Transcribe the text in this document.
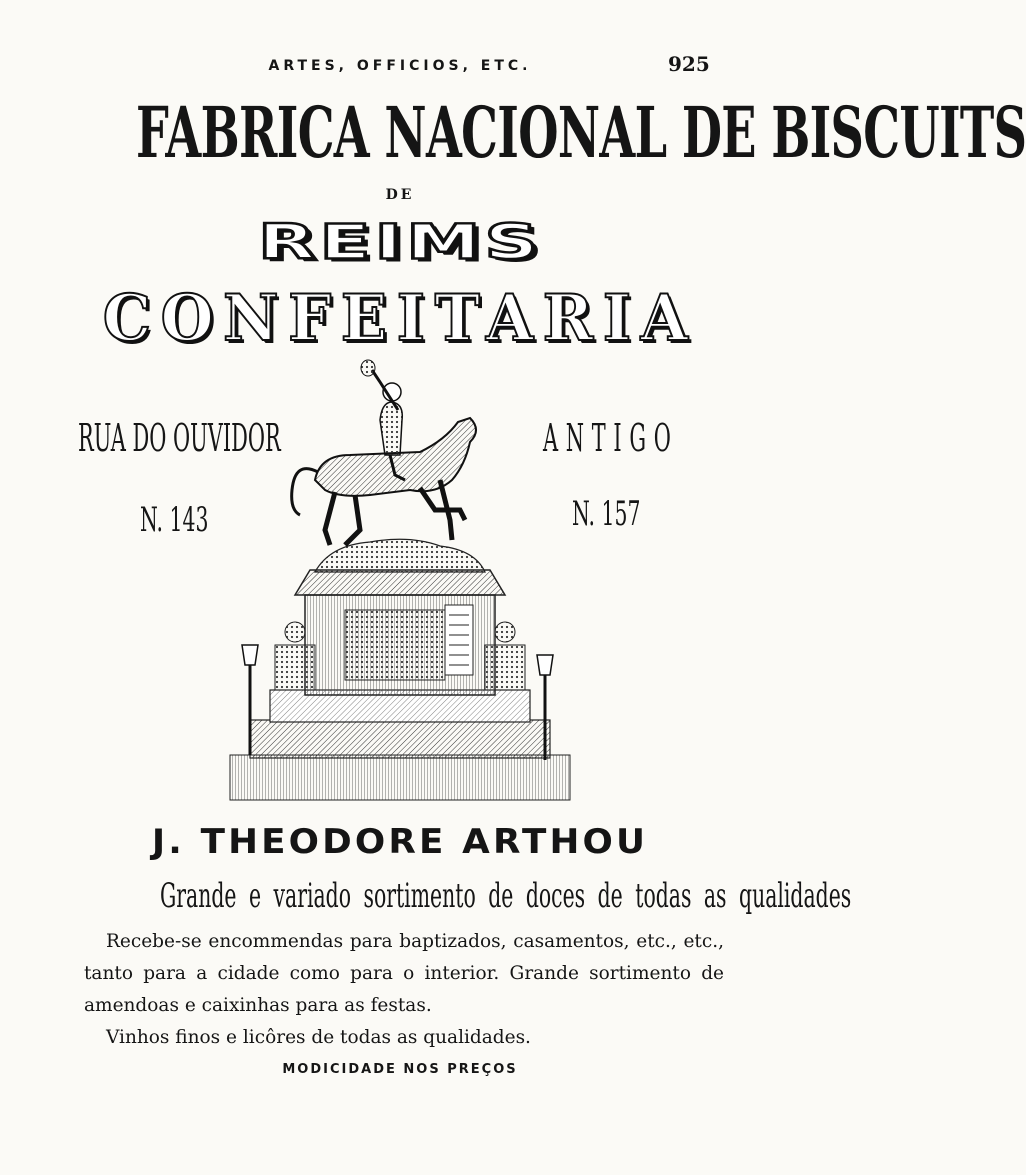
ARTES, OFFICIOS, ETC.	925
FABRICA NACIONAL DE BISCUITS
DE
REIMS
CONFEITARIA
RUA DO OUVIDOR
N. 143
ANTIGO
N. 157
J. THEODORE ARTHOU
Grande e variado sortimento de doces de todas as qualidades

Recebe-se encommendas para baptizados, casamentos, etc., etc., tanto para a cidade como para o interior. Grande sortimento de amendoas e caixinhas para as festas.

Vinhos finos e licôres de todas as qualidades.

MODICIDADE NOS PREÇOS
